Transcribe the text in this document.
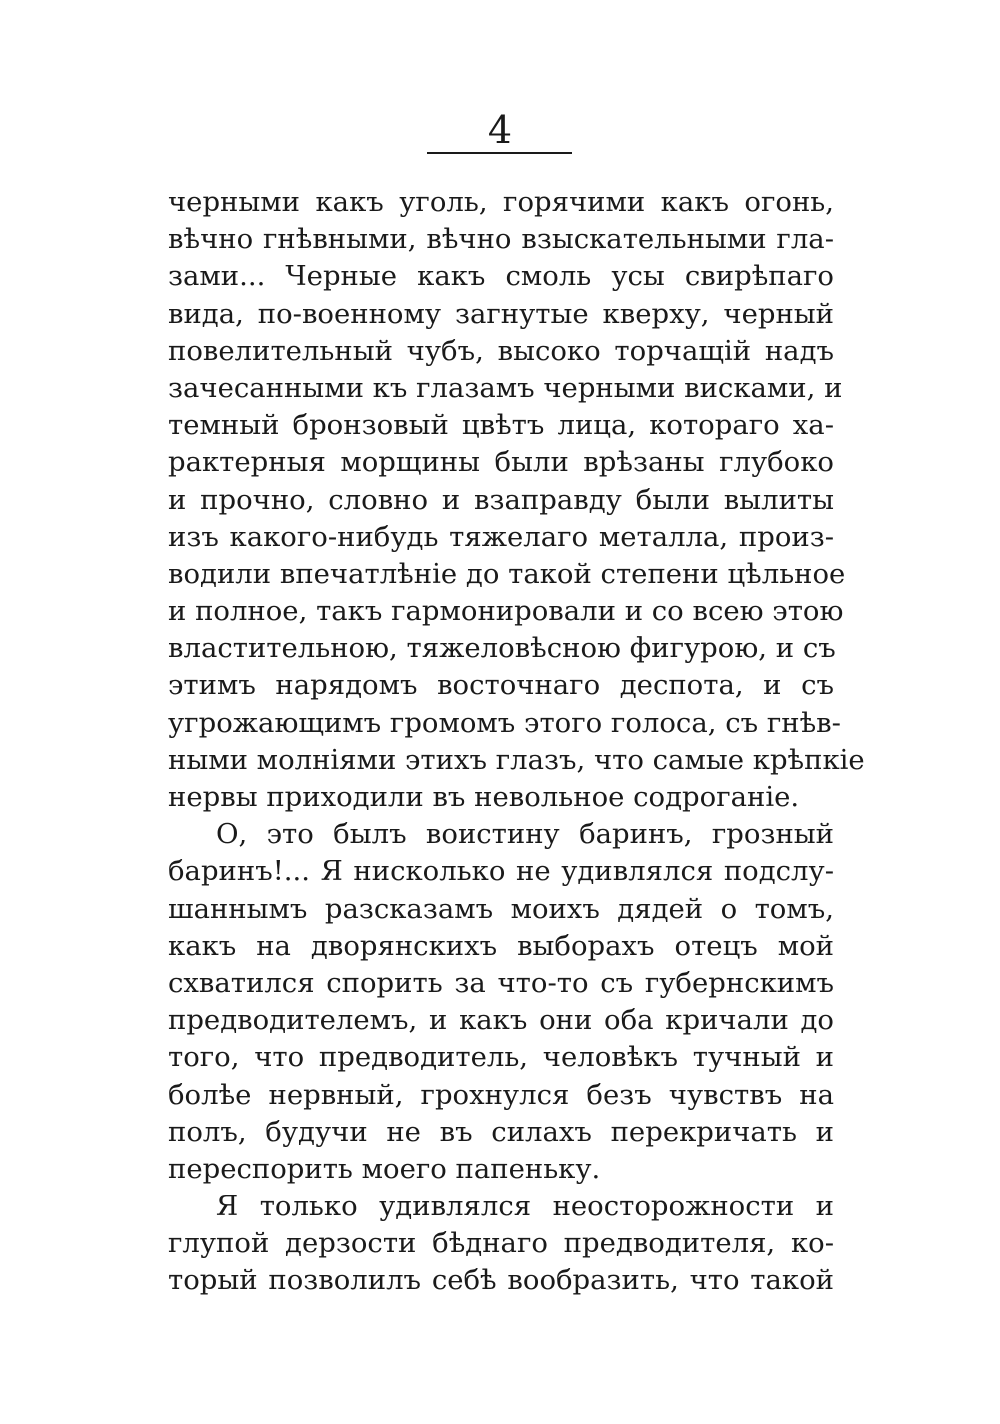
4

черными какъ уголь, горячими какъ огонь,
вѣчно гнѣвными, вѣчно взыскательными гла-
зами... Черные какъ смоль усы свирѣпаго
вида, по-военному загнутые кверху, черный
повелительный чубъ, высоко торчащій надъ
зачесанными къ глазамъ черными висками, и
темный бронзовый цвѣтъ лица, котораго ха-
рактерныя морщины были врѣзаны глубоко
и прочно, словно и взаправду были вылиты
изъ какого-нибудь тяжелаго металла, произ-
водили впечатлѣніе до такой степени цѣльное
и полное, такъ гармонировали и со всею этою
властительною, тяжеловѣсною фигурою, и съ
этимъ нарядомъ восточнаго деспота, и съ
угрожающимъ громомъ этого голоса, съ гнѣв-
ными молніями этихъ глазъ, что самые крѣпкіе
нервы приходили въ невольное содроганіе.
О, это былъ воистину баринъ, грозный
баринъ!... Я нисколько не удивлялся подслу-
шаннымъ разсказамъ моихъ дядей о томъ,
какъ на дворянскихъ выборахъ отецъ мой
схватился спорить за что-то съ губернскимъ
предводителемъ, и какъ они оба кричали до
того, что предводитель, человѣкъ тучный и
болѣе нервный, грохнулся безъ чувствъ на
полъ, будучи не въ силахъ перекричать и
переспорить моего папеньку.
Я только удивлялся неосторожности и
глупой дерзости бѣднаго предводителя, ко-
торый позволилъ себѣ вообразить, что такой
